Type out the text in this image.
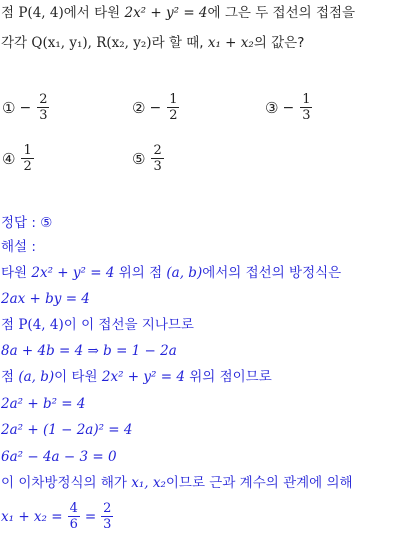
점 P(4, 4)에서 타원 2x² + y² = 4에 그은 두 접선의 접점을
각각 Q(x₁, y₁), R(x₂, y₂)라 할 때, x₁ + x₂의 값은?
① − $\frac{2}{3}$	② − $\frac{1}{2}$	③ − $\frac{1}{3}$
④ $\frac{1}{2}$	⑤ $\frac{2}{3}$
정답 : ⑤
해설 :
타원 2x² + y² = 4 위의 점 (a, b)에서의 접선의 방정식은
2ax + by = 4
점 P(4, 4)이 이 접선을 지나므로
8a + 4b = 4 ⇒ b = 1 − 2a
점 (a, b)이 타원 2x² + y² = 4 위의 점이므로
2a² + b² = 4
2a² + (1 − 2a)² = 4
6a² − 4a − 3 = 0
이 이차방정식의 해가 x₁, x₂이므로 근과 계수의 관계에 의해
$x_1 + x_2 = \frac{4}{6} = \frac{2}{3}$
